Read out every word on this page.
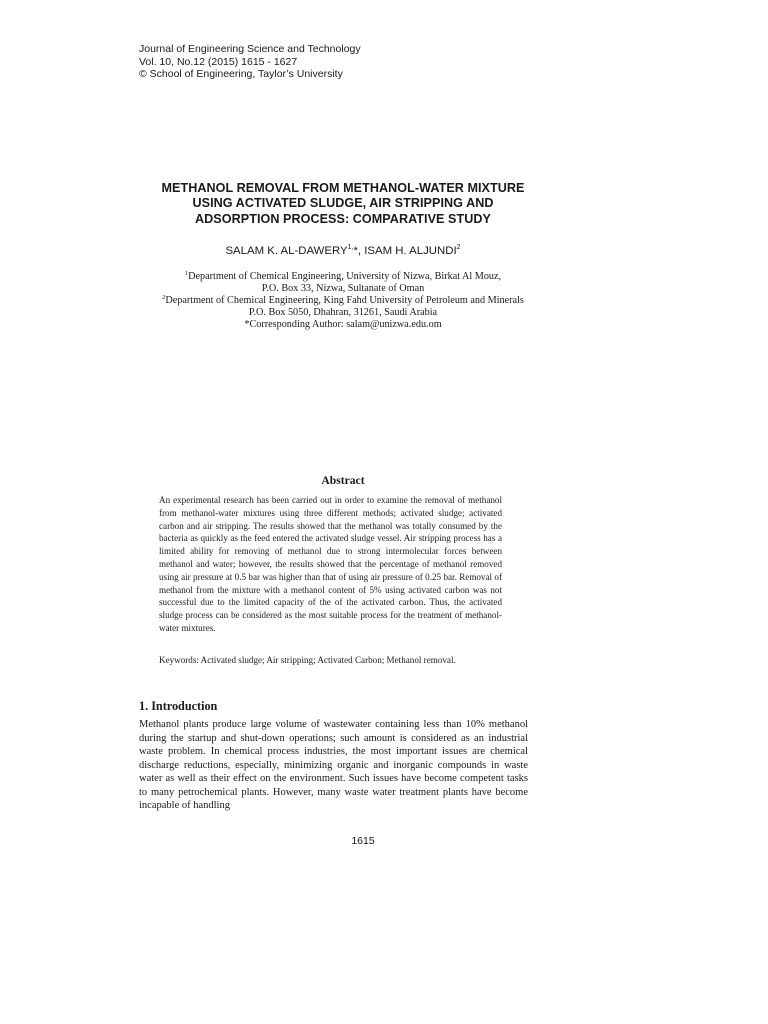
Journal of Engineering Science and Technology
Vol. 10, No.12 (2015) 1615 - 1627
© School of Engineering, Taylor’s University
METHANOL REMOVAL FROM METHANOL-WATER MIXTURE
USING ACTIVATED SLUDGE, AIR STRIPPING AND
ADSORPTION PROCESS: COMPARATIVE STUDY
SALAM K. $AL-DAWERY^{1,}*$, ISAM H. ALJUNDI$^2$
$^1$Department of Chemical Engineering, University of Nizwa, Birkat Al Mouz,
P.O. Box 33, Nizwa, Sultanate of Oman
$^2$Department of Chemical Engineering, King Fahd University of Petroleum and Minerals
P.O. Box 5050, Dhahran, 31261, Saudi Arabia
*Corresponding Author: salam@unizwa.edu.om
Abstract
An experimental research has been carried out in order to examine the removal of methanol from methanol-water mixtures using three different methods; activated sludge; activated carbon and air stripping. The results showed that the methanol was totally consumed by the bacteria as quickly as the feed entered the activated sludge vessel. Air stripping process has a limited ability for removing of methanol due to strong intermolecular forces between methanol and water; however, the results showed that the percentage of methanol removed using air pressure at 0.5 bar was higher than that of using air pressure of 0.25 bar. Removal of methanol from the mixture with a methanol content of 5% using activated carbon was not successful due to the limited capacity of the of the activated carbon. Thus, the activated sludge process can be considered as the most suitable process for the treatment of methanol-water mixtures.
Keywords: Activated sludge; Air stripping; Activated Carbon; Methanol removal.
1. Introduction
Methanol plants produce large volume of wastewater containing less than 10% methanol during the startup and shut-down operations; such amount is considered as an industrial waste problem. In chemical process industries, the most important issues are chemical discharge reductions, especially, minimizing organic and inorganic compounds in waste water as well as their effect on the environment. Such issues have become competent tasks to many petrochemical plants. However, many waste water treatment plants have become incapable of handling
1615
